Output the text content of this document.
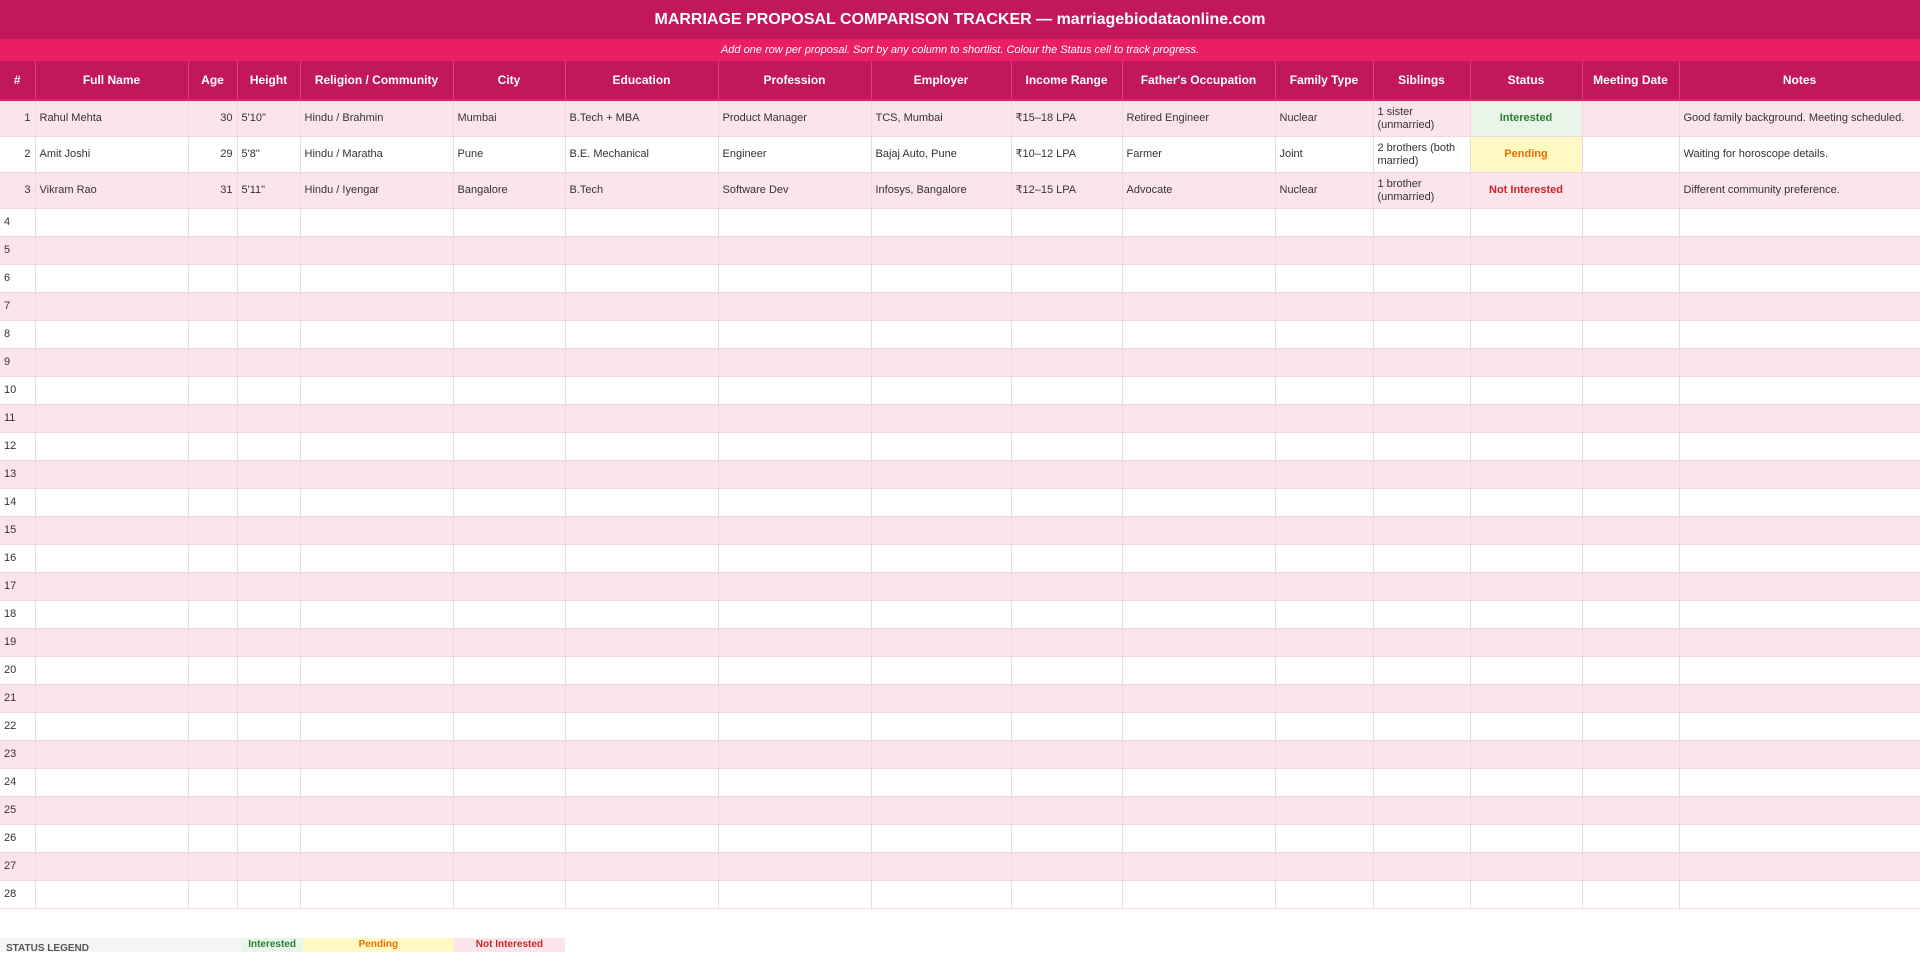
MARRIAGE PROPOSAL COMPARISON TRACKER — marriagebiodataonline.com
Add one row per proposal. Sort by any column to shortlist. Colour the Status cell to track progress.
#	Full Name	Age	Height	Religion / Community	City	Education	Profession	Employer	Income Range	Father's Occupation	Family Type	Siblings	Status	Meeting Date	Notes
1	Rahul Mehta	30	5'10"	Hindu / Brahmin	Mumbai	B.Tech + MBA	Product Manager	TCS, Mumbai	₹15–18 LPA	Retired Engineer	Nuclear	1 sister (unmarried)	Interested		Good family background. Meeting scheduled.
2	Amit Joshi	29	5'8"	Hindu / Maratha	Pune	B.E. Mechanical	Engineer	Bajaj Auto, Pune	₹10–12 LPA	Farmer	Joint	2 brothers (both married)	Pending		Waiting for horoscope details.
3	Vikram Rao	31	5'11"	Hindu / Iyengar	Bangalore	B.Tech	Software Dev	Infosys, Bangalore	₹12–15 LPA	Advocate	Nuclear	1 brother (unmarried)	Not Interested		Different community preference.
4															
5															
6															
7															
8															
9															
10															
11															
12															
13															
14															
15															
16															
17															
18															
19															
20															
21															
22															
23															
24															
25															
26															
27															
28															
STATUS LEGEND	Interested	Pending	Not Interested
